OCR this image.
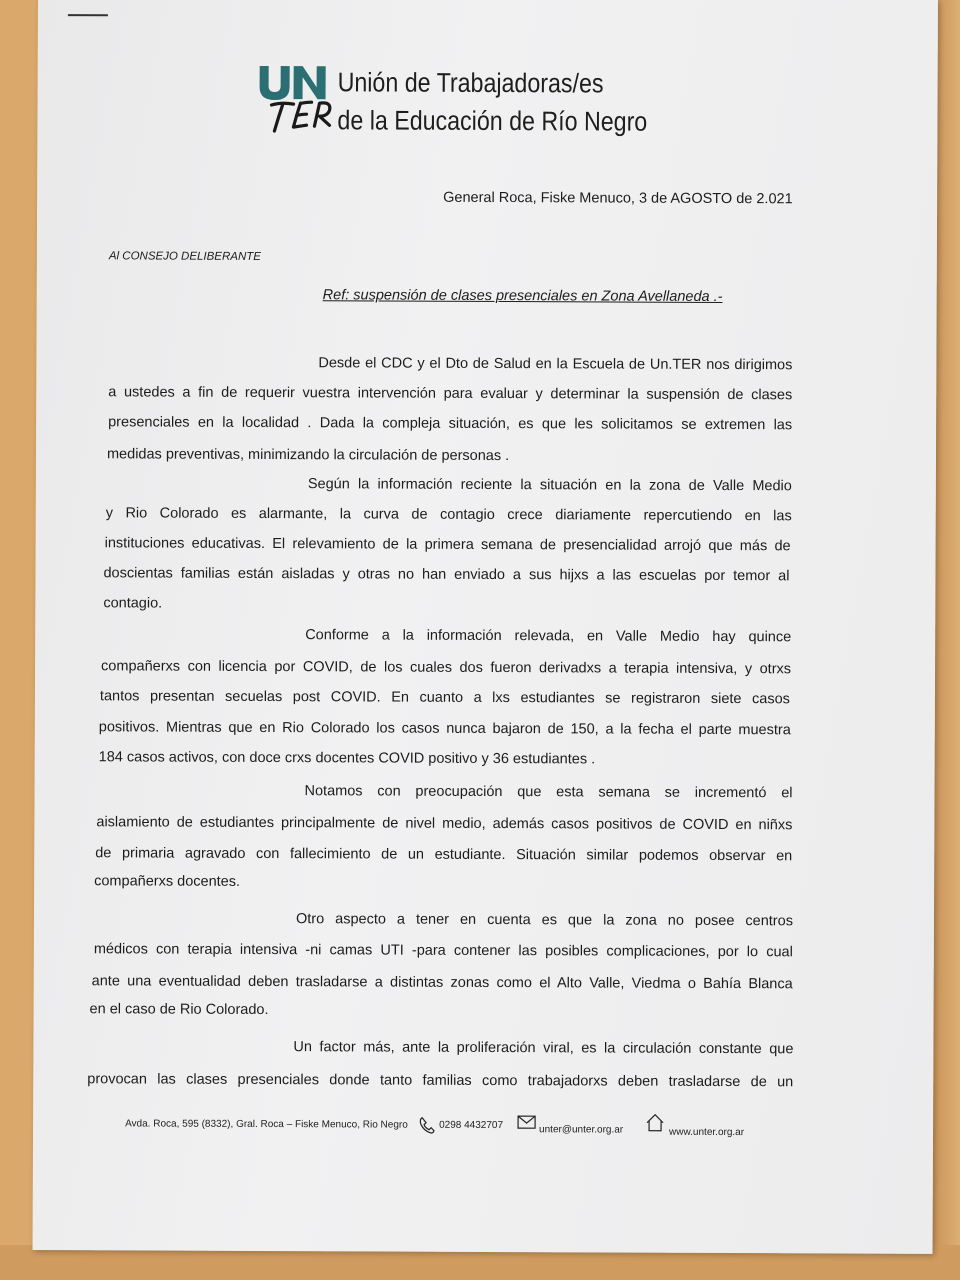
Unión de Trabajadoras/es
de la Educación de Río Negro
General Roca, Fiske Menuco, 3 de AGOSTO de 2.021
Al CONSEJO DELIBERANTE
Ref: suspensión de clases presenciales en Zona Avellaneda .-
Desde el CDC y el Dto de Salud en la Escuela de Un.TER nos dirigimos
a ustedes a fin de requerir vuestra intervención para evaluar y determinar la suspensión de clases
presenciales en la localidad . Dada la compleja situación, es que les solicitamos se extremen las
medidas preventivas, minimizando la circulación de personas .
Según la información reciente la situación en la zona de Valle Medio
y Rio Colorado es alarmante, la curva de contagio crece diariamente repercutiendo en las
instituciones educativas. El relevamiento de la primera semana de presencialidad arrojó que más de
doscientas familias están aisladas y otras no han enviado a sus hijxs a las escuelas por temor al
contagio.
Conforme a la información relevada, en Valle Medio hay quince
compañerxs con licencia por COVID, de los cuales dos fueron derivadxs a terapia intensiva, y otrxs
tantos presentan secuelas post COVID. En cuanto a lxs estudiantes se registraron siete casos
positivos. Mientras que en Rio Colorado los casos nunca bajaron de 150, a la fecha el parte muestra
184 casos activos, con doce crxs docentes COVID positivo y 36 estudiantes .
Notamos con preocupación que esta semana se incrementó el
aislamiento de estudiantes principalmente de nivel medio, además casos positivos de COVID en niñxs
de primaria agravado con fallecimiento de un estudiante. Situación similar podemos observar en
compañerxs docentes.
Otro aspecto a tener en cuenta es que la zona no posee centros
médicos con terapia intensiva -ni camas UTI -para contener las posibles complicaciones, por lo cual
ante una eventualidad deben trasladarse a distintas zonas como el Alto Valle, Viedma o Bahía Blanca
en el caso de Rio Colorado.
Un factor más, ante la proliferación viral, es la circulación constante que
provocan las clases presenciales donde tanto familias como trabajadorxs deben trasladarse de un
Avda. Roca, 595 (8332), Gral. Roca – Fiske Menuco, Rio Negro	0298 4432707	unter@unter.org.ar	www.unter.org.ar
